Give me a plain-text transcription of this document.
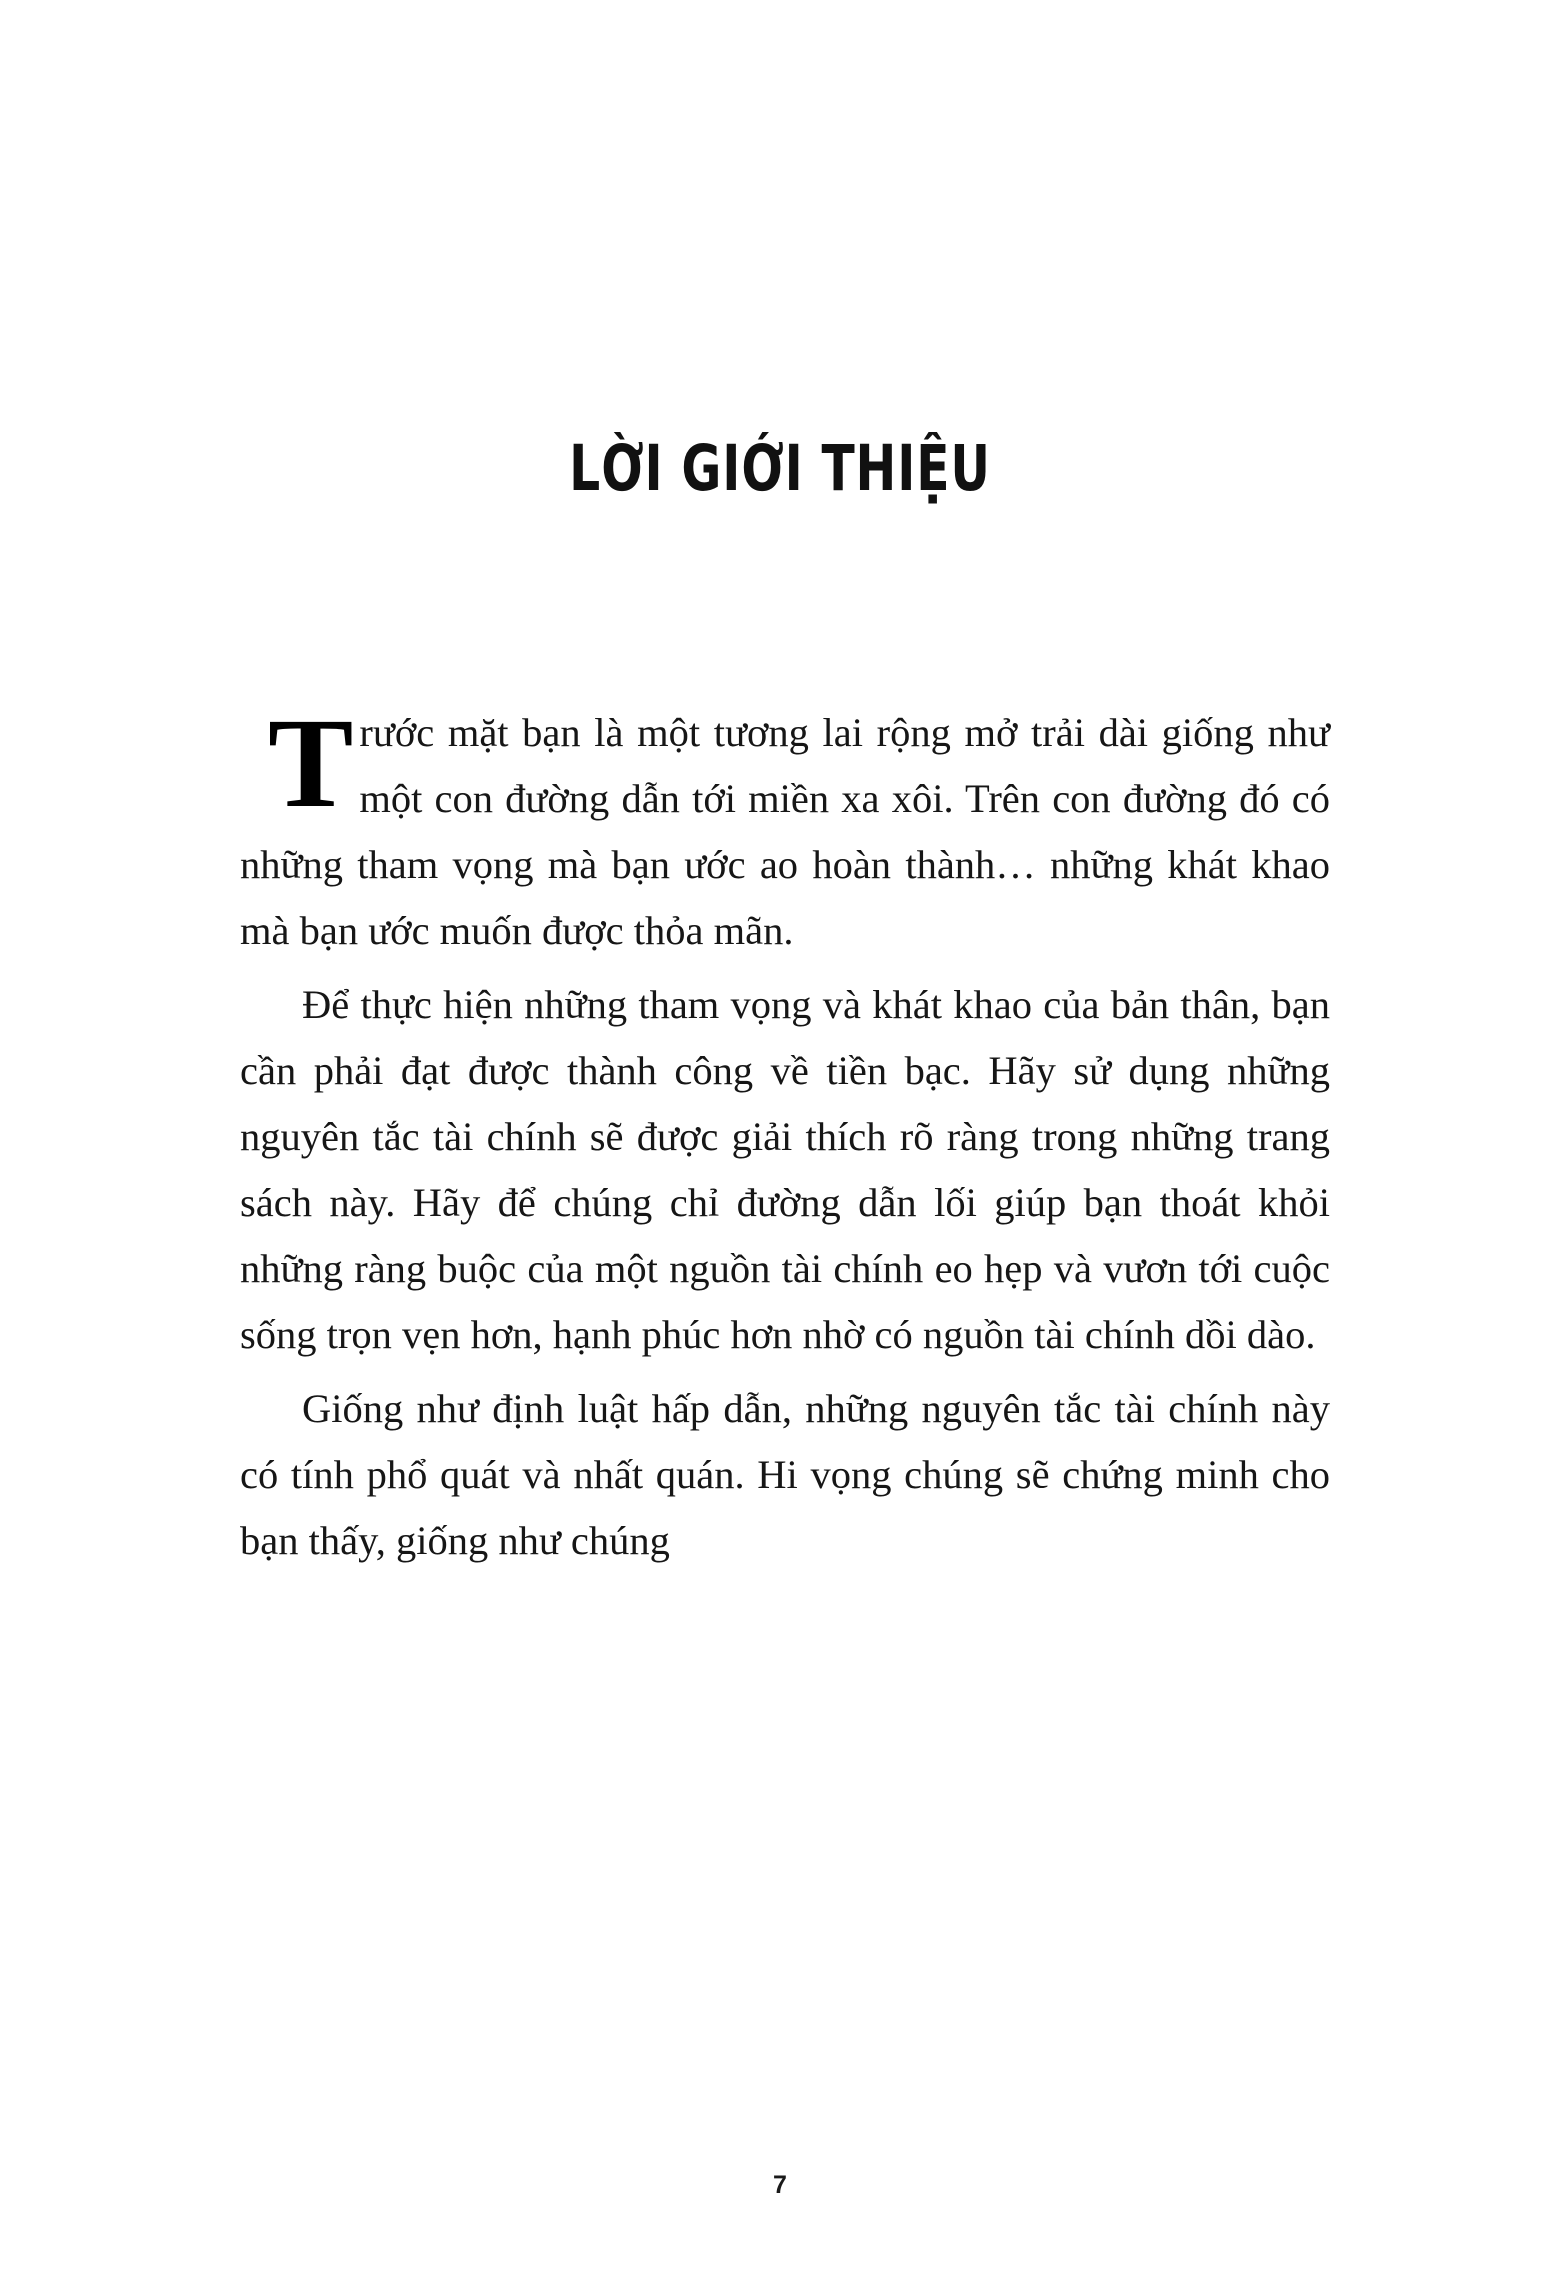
LỜI GIỚI THIỆU

Trước mặt bạn là một tương lai rộng mở trải dài giống như một con đường dẫn tới miền xa xôi. Trên con đường đó có những tham vọng mà bạn ước ao hoàn thành… những khát khao mà bạn ước muốn được thỏa mãn.

Để thực hiện những tham vọng và khát khao của bản thân, bạn cần phải đạt được thành công về tiền bạc. Hãy sử dụng những nguyên tắc tài chính sẽ được giải thích rõ ràng trong những trang sách này. Hãy để chúng chỉ đường dẫn lối giúp bạn thoát khỏi những ràng buộc của một nguồn tài chính eo hẹp và vươn tới cuộc sống trọn vẹn hơn, hạnh phúc hơn nhờ có nguồn tài chính dồi dào.

Giống như định luật hấp dẫn, những nguyên tắc tài chính này có tính phổ quát và nhất quán. Hi vọng chúng sẽ chứng minh cho bạn thấy, giống như chúng

7
